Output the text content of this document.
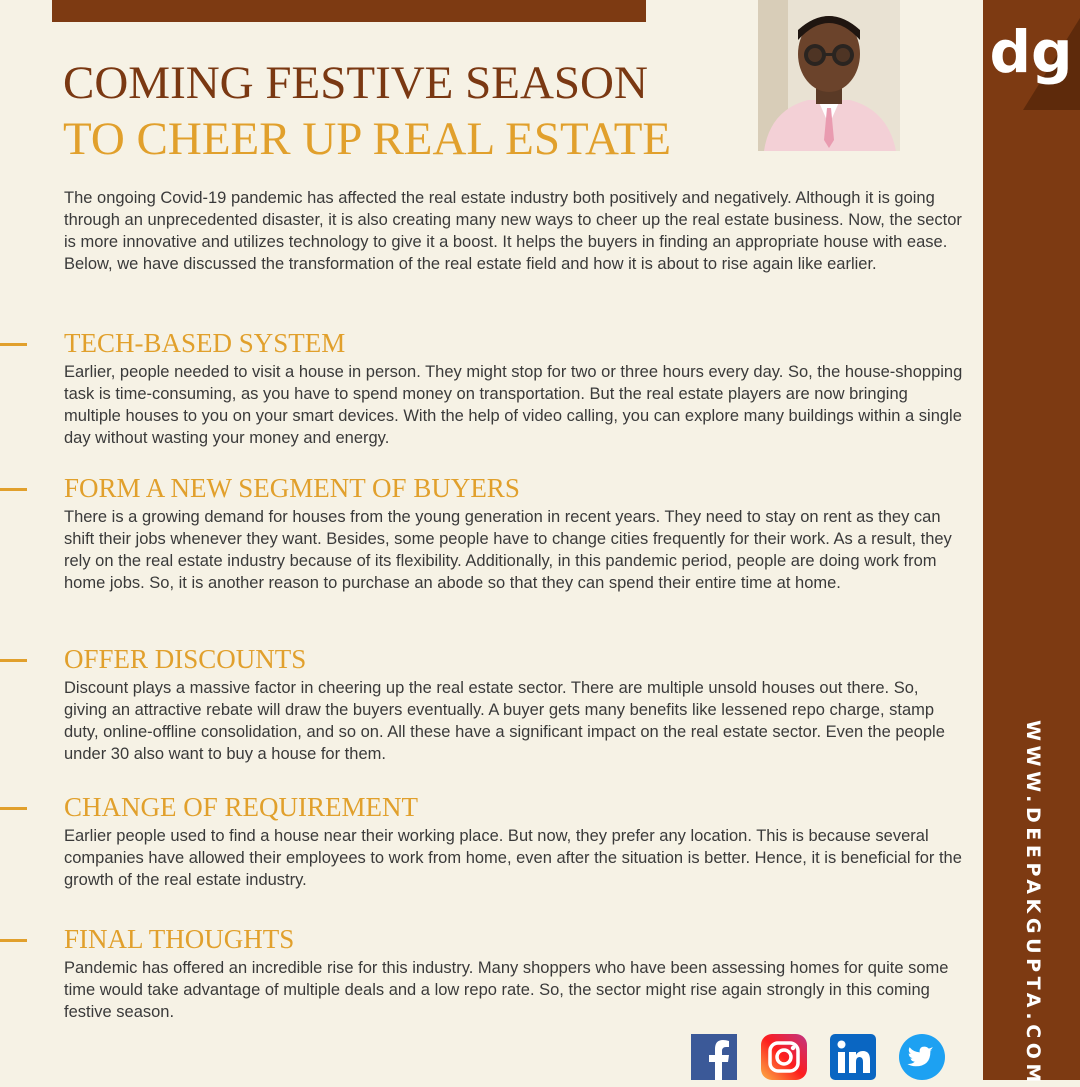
dg
WWW.DEEPAKGUPTA.COM
COMING FESTIVE SEASON
TO CHEER UP REAL ESTATE

The ongoing Covid-19 pandemic has affected the real estate industry both positively and negatively. Although it is going through an unprecedented disaster, it is also creating many new ways to cheer up the real estate business. Now, the sector is more innovative and utilizes technology to give it a boost. It helps the buyers in finding an appropriate house with ease. Below, we have discussed the transformation of the real estate field and how it is about to rise again like earlier.

TECH-BASED SYSTEM

Earlier, people needed to visit a house in person. They might stop for two or three hours every day. So, the house-shopping task is time-consuming, as you have to spend money on transportation. But the real estate players are now bringing multiple houses to you on your smart devices. With the help of video calling, you can explore many buildings within a single day without wasting your money and energy.

FORM A NEW SEGMENT OF BUYERS

There is a growing demand for houses from the young generation in recent years. They need to stay on rent as they can shift their jobs whenever they want. Besides, some people have to change cities frequently for their work. As a result, they rely on the real estate industry because of its flexibility. Additionally, in this pandemic period, people are doing work from home jobs. So, it is another reason to purchase an abode so that they can spend their entire time at home.

OFFER DISCOUNTS

Discount plays a massive factor in cheering up the real estate sector. There are multiple unsold houses out there. So, giving an attractive rebate will draw the buyers eventually. A buyer gets many benefits like lessened repo charge, stamp duty, online-offline consolidation, and so on. All these have a significant impact on the real estate sector. Even the people under 30 also want to buy a house for them.

CHANGE OF REQUIREMENT

Earlier people used to find a house near their working place. But now, they prefer any location. This is because several companies have allowed their employees to work from home, even after the situation is better. Hence, it is beneficial for the growth of the real estate industry.

FINAL THOUGHTS

Pandemic has offered an incredible rise for this industry. Many shoppers who have been assessing homes for quite some time would take advantage of multiple deals and a low repo rate. So, the sector might rise again strongly in this coming festive season.
